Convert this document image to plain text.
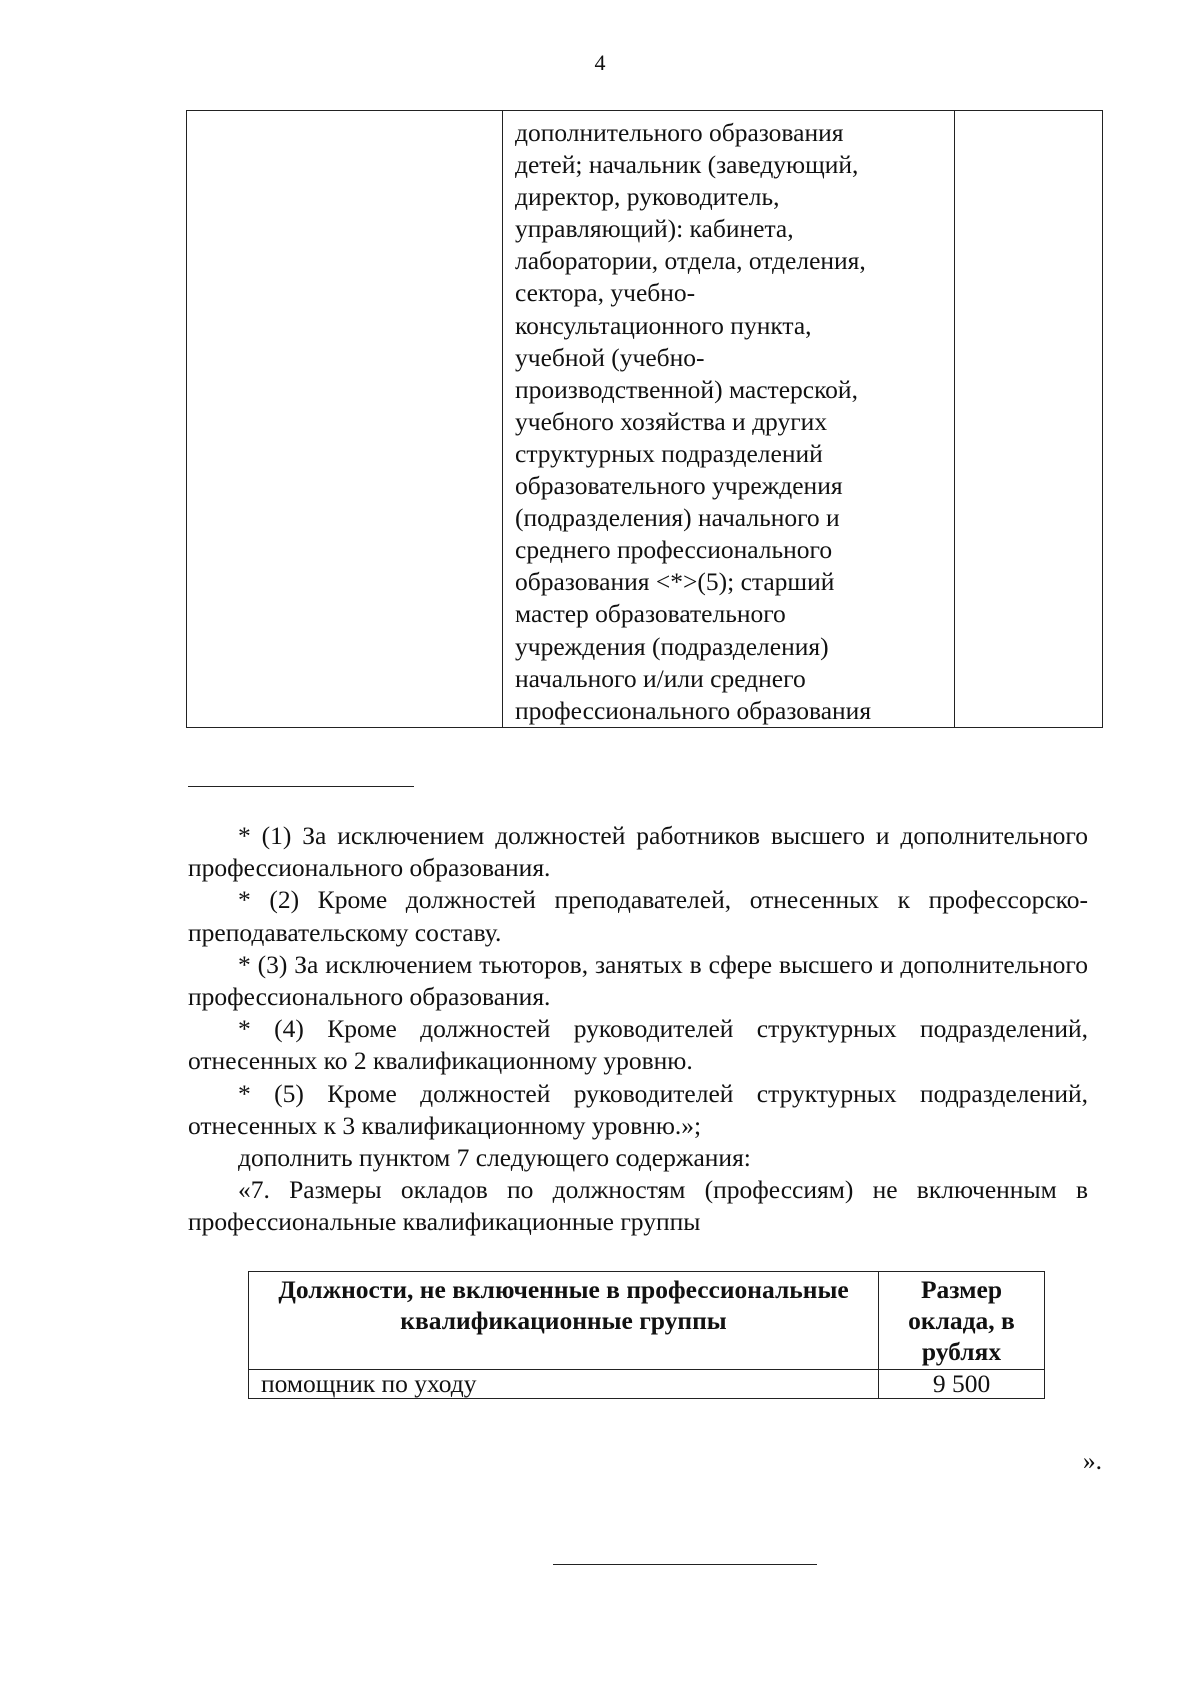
4

дополнительного образования
детей; начальник (заведующий,
директор, руководитель,
управляющий): кабинета,
лаборатории, отдела, отделения,
сектора, учебно-
консультационного пункта,
учебной (учебно-
производственной) мастерской,
учебного хозяйства и других
структурных подразделений
образовательного учреждения
(подразделения) начального и
среднего профессионального
образования <*>(5); старший
мастер образовательного
учреждения (подразделения)
начального и/или среднего
профессионального образования

* (1) За исключением должностей работников высшего и дополнительного профессионального образования.

* (2) Кроме должностей преподавателей, отнесенных к профессорско-преподавательскому составу.

* (3) За исключением тьюторов, занятых в сфере высшего и дополнительного профессионального образования.

* (4) Кроме должностей руководителей структурных подразделений, отнесенных ко 2 квалификационному уровню.

* (5) Кроме должностей руководителей структурных подразделений, отнесенных к 3 квалификационному уровню.»;

дополнить пунктом 7 следующего содержания:

«7. Размеры окладов по должностям (профессиям) не включенным в профессиональные квалификационные группы

Должности, не включенные в профессиональные квалификационные группы	Размер оклада, в рублях
помощник по уходу	9 500
».
